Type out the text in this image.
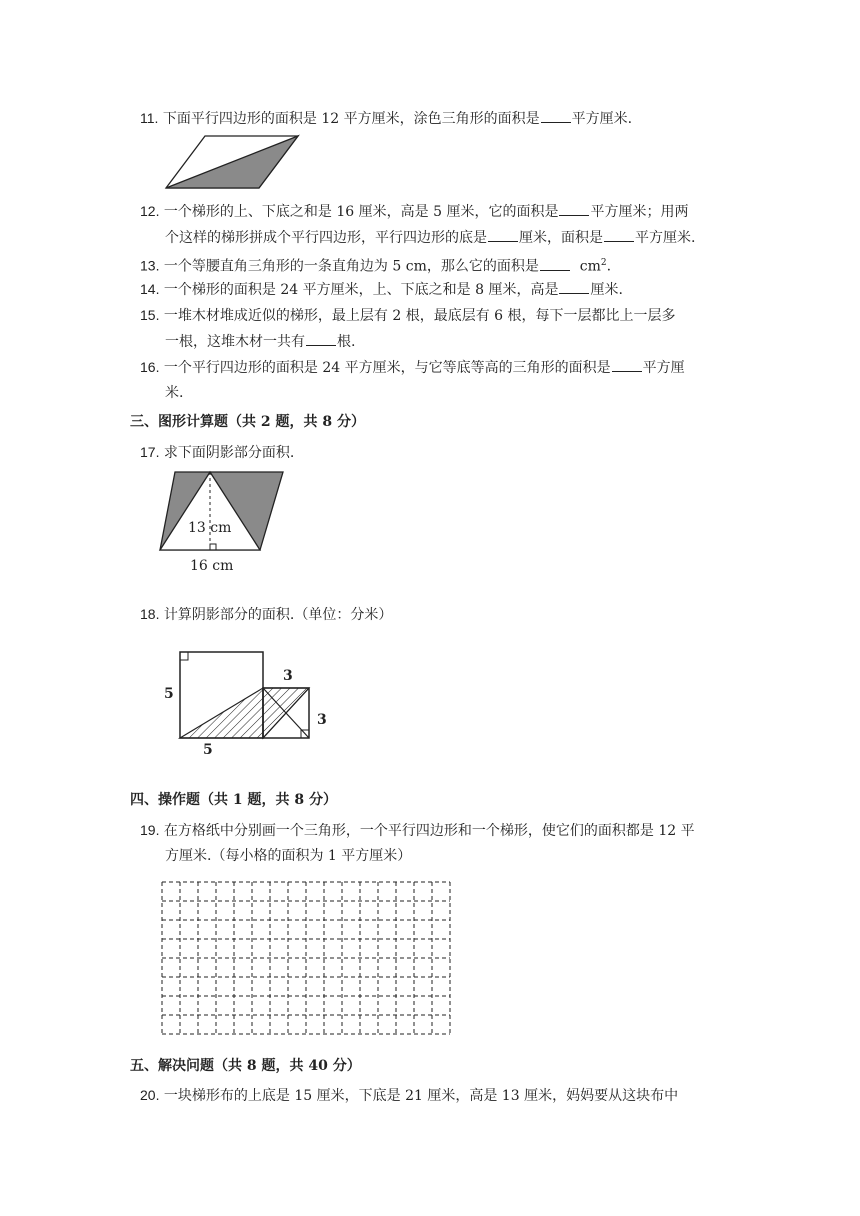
11. 下面平行四边形的面积是 12 平方厘米，涂色三角形的面积是 平方厘米.
12. 一个梯形的上、下底之和是 16 厘米，高是 5 厘米，它的面积是 平方厘米；用两
个这样的梯形拼成个平行四边形，平行四边形的底是 厘米，面积是 平方厘米.
13. 一个等腰直角三角形的一条直角边为 5 cm，那么它的面积是	$cm^2$.
14. 一个梯形的面积是 24 平方厘米，上、下底之和是 8 厘米，高是 厘米.
15. 一堆木材堆成近似的梯形，最上层有 2 根，最底层有 6 根，每下一层都比上一层多
一根，这堆木材一共有 根.
16. 一个平行四边形的面积是 24 平方厘米，与它等底等高的三角形的面积是 平方厘
米.
三、图形计算题（共 2 题，共 8 分）
17. 求下面阴影部分面积.
13 cm
16 cm
18. 计算阴影部分的面积.（单位：分米）
5
5
3
3
四、操作题（共 1 题，共 8 分）
19. 在方格纸中分别画一个三角形，一个平行四边形和一个梯形，使它们的面积都是 12 平
方厘米.（每小格的面积为 1 平方厘米）
五、解决问题（共 8 题，共 40 分）
20. 一块梯形布的上底是 15 厘米，下底是 21 厘米，高是 13 厘米，妈妈要从这块布中
